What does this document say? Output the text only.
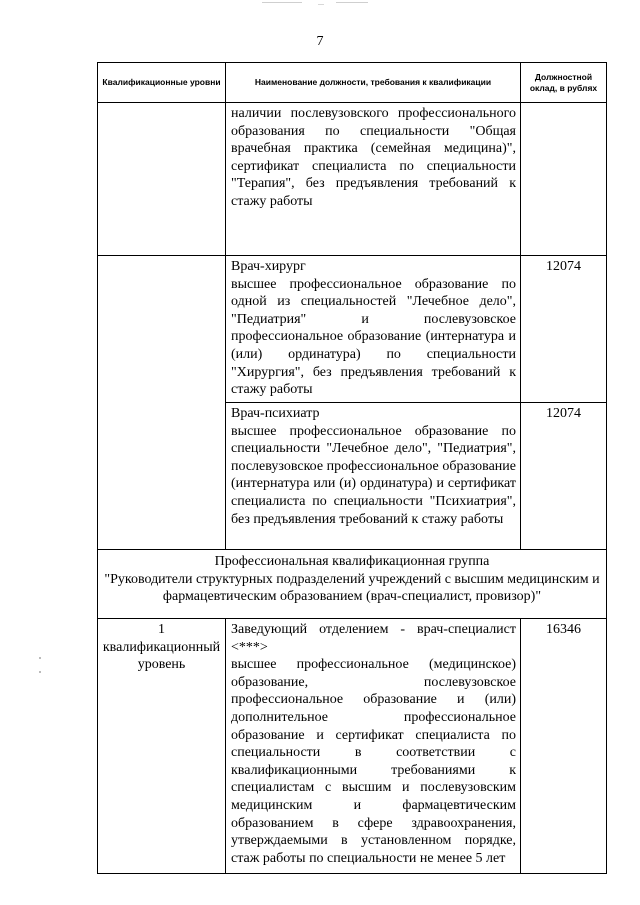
7
Квалификационные уровни	Наименование должности, требования к квалификации	Должностной оклад, в рублях

	наличии послевузовского профессионального образования по специальности "Общая врачебная практика (семейная медицина)", сертификат специалиста по специальности "Терапия", без предъявления требований к стажу работы	

	Врач-хирург
высшее профессиональное образование по одной из специальностей "Лечебное дело", "Педиатрия" и послевузовское профессиональное образование (интернатура и (или) ординатура) по специальности "Хирургия", без предъявления требований к стажу работы	12074

	Врач-психиатр
высшее профессиональное образование по специальности "Лечебное дело", "Педиатрия", послевузовское профессиональное образование (интернатура или (и) ординатура) и сертификат специалиста по специальности "Психиатрия", без предъявления требований к стажу работы	12074

Профессиональная квалификационная группа
"Руководители структурных подразделений учреждений с высшим медицинским и фармацевтическим образованием (врач-специалист, провизор)"		

1 квалификационный уровень	Заведующий отделением - врач-специалист <***>
высшее профессиональное (медицинское) образование, послевузовское профессиональное образование и (или) дополнительное профессиональное образование и сертификат специалиста по специальности в соответствии с квалификационными требованиями к специалистам с высшим и послевузовским медицинским и фармацевтическим образованием в сфере здравоохранения, утверждаемыми в установленном порядке, стаж работы по специальности не менее 5 лет	16346
